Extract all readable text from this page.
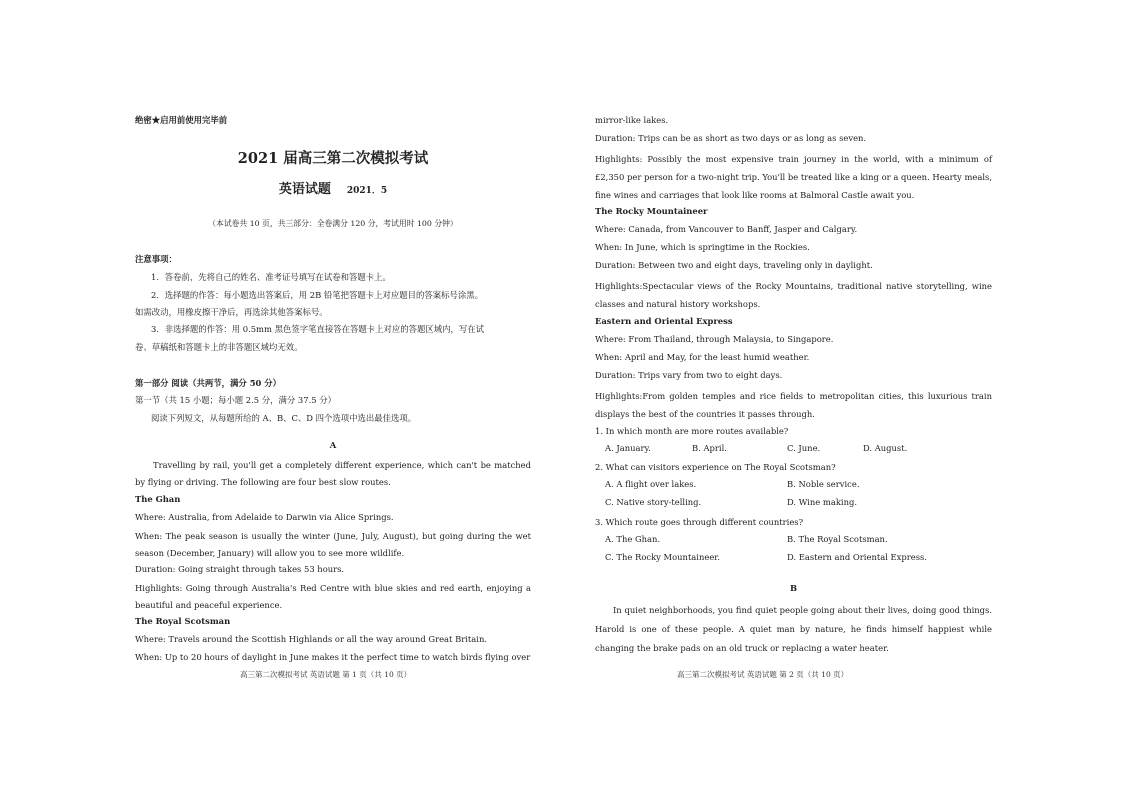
绝密★启用前使用完毕前
2021 届高三第二次模拟考试
英语试题 2021．5
（本试卷共 10 页，共三部分：全卷满分 120 分，考试用时 100 分钟）
注意事项：
1．答卷前，先将自己的姓名、准考证号填写在试卷和答题卡上。
2．选择题的作答：每小题选出答案后，用 2B 铅笔把答题卡上对应题目的答案标号涂黑。
如需改动，用橡皮擦干净后，再选涂其他答案标号。
3．非选择题的作答：用 0.5mm 黑色签字笔直接答在答题卡上对应的答题区域内，写在试
卷、草稿纸和答题卡上的非答题区域均无效。
第一部分 阅读（共两节，满分 50 分）
第一节（共 15 小题；每小题 2.5 分，满分 37.5 分）
阅读下列短文，从每题所给的 A、B、C、D 四个选项中选出最佳选项。
A
Travelling by rail, you'll get a completely different experience, which can't be matched by flying or driving. The following are four best slow routes.
The Ghan
Where: Australia, from Adelaide to Darwin via Alice Springs.
When: The peak season is usually the winter (June, July, August), but going during the wet season (December, January) will allow you to see more wildlife.
Duration: Going straight through takes 53 hours.
Highlights: Going through Australia's Red Centre with blue skies and red earth, enjoying a beautiful and peaceful experience.
The Royal Scotsman
Where: Travels around the Scottish Highlands or all the way around Great Britain.
When: Up to 20 hours of daylight in June makes it the perfect time to watch birds flying over
高三第二次模拟考试 英语试题 第 1 页（共 10 页）
mirror-like lakes.
Duration: Trips can be as short as two days or as long as seven.
Highlights: Possibly the most expensive train journey in the world, with a minimum of £2,350 per person for a two-night trip. You'll be treated like a king or a queen. Hearty meals, fine wines and carriages that look like rooms at Balmoral Castle await you.
The Rocky Mountaineer
Where: Canada, from Vancouver to Banff, Jasper and Calgary.
When: In June, which is springtime in the Rockies.
Duration: Between two and eight days, traveling only in daylight.
Highlights:Spectacular views of the Rocky Mountains, traditional native storytelling, wine classes and natural history workshops.
Eastern and Oriental Express
Where: From Thailand, through Malaysia, to Singapore.
When: April and May, for the least humid weather.
Duration: Trips vary from two to eight days.
Highlights:From golden temples and rice fields to metropolitan cities, this luxurious train displays the best of the countries it passes through.
1. In which month are more routes available?
A. January.	B. April.	C. June.	D. August.
2. What can visitors experience on The Royal Scotsman?
A. A flight over lakes.	B. Noble service.
C. Native story-telling.	D. Wine making.
3. Which route goes through different countries?
A. The Ghan.	B. The Royal Scotsman.
C. The Rocky Mountaineer.	D. Eastern and Oriental Express.
B
In quiet neighborhoods, you find quiet people going about their lives, doing good things. Harold is one of these people. A quiet man by nature, he finds himself happiest while changing the brake pads on an old truck or replacing a water heater.
高三第二次模拟考试 英语试题 第 2 页（共 10 页）
